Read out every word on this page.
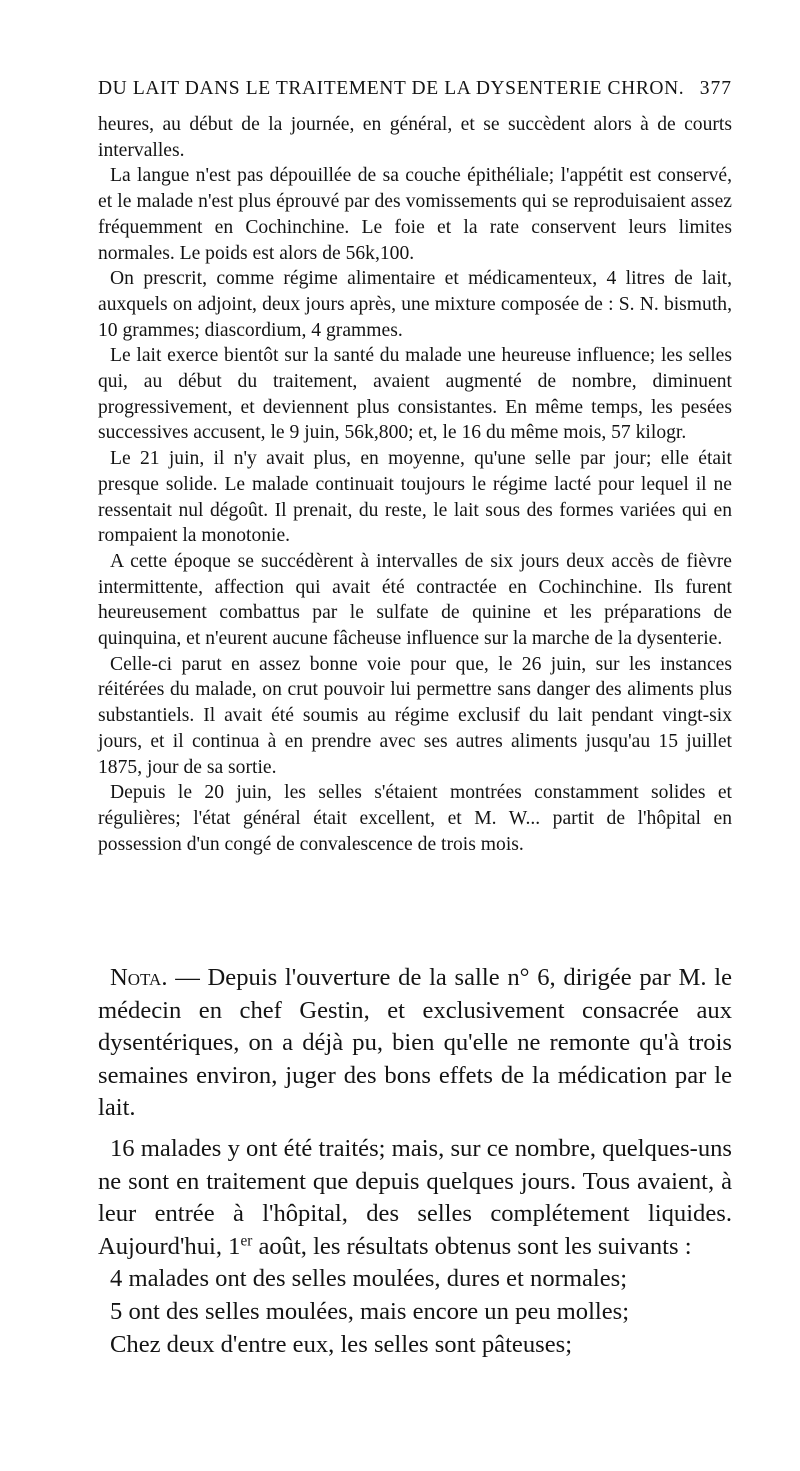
DU LAIT DANS LE TRAITEMENT DE LA DYSENTERIE CHRON. 377

heures, au début de la journée, en général, et se succèdent alors à de courts intervalles.

La langue n'est pas dépouillée de sa couche épithéliale; l'appétit est conservé, et le malade n'est plus éprouvé par des vomissements qui se reproduisaient assez fréquemment en Cochinchine. Le foie et la rate conservent leurs limites normales. Le poids est alors de 56k,100.

On prescrit, comme régime alimentaire et médicamenteux, 4 litres de lait, auxquels on adjoint, deux jours après, une mixture composée de : S. N. bismuth, 10 grammes; diascordium, 4 grammes.

Le lait exerce bientôt sur la santé du malade une heureuse influence; les selles qui, au début du traitement, avaient augmenté de nombre, diminuent progressivement, et deviennent plus consistantes. En même temps, les pesées successives accusent, le 9 juin, 56k,800; et, le 16 du même mois, 57 kilogr.

Le 21 juin, il n'y avait plus, en moyenne, qu'une selle par jour; elle était presque solide. Le malade continuait toujours le régime lacté pour lequel il ne ressentait nul dégoût. Il prenait, du reste, le lait sous des formes variées qui en rompaient la monotonie.

A cette époque se succédèrent à intervalles de six jours deux accès de fièvre intermittente, affection qui avait été contractée en Cochinchine. Ils furent heureusement combattus par le sulfate de quinine et les préparations de quinquina, et n'eurent aucune fâcheuse influence sur la marche de la dysenterie.

Celle-ci parut en assez bonne voie pour que, le 26 juin, sur les instances réitérées du malade, on crut pouvoir lui permettre sans danger des aliments plus substantiels. Il avait été soumis au régime exclusif du lait pendant vingt-six jours, et il continua à en prendre avec ses autres aliments jusqu'au 15 juillet 1875, jour de sa sortie.

Depuis le 20 juin, les selles s'étaient montrées constamment solides et régulières; l'état général était excellent, et M. W... partit de l'hôpital en possession d'un congé de convalescence de trois mois.

Nota. — Depuis l'ouverture de la salle n° 6, dirigée par M. le médecin en chef Gestin, et exclusivement consacrée aux dysentériques, on a déjà pu, bien qu'elle ne remonte qu'à trois semaines environ, juger des bons effets de la médication par le lait.

16 malades y ont été traités; mais, sur ce nombre, quelques-uns ne sont en traitement que depuis quelques jours. Tous avaient, à leur entrée à l'hôpital, des selles complétement liquides. Aujourd'hui, 1er août, les résultats obtenus sont les suivants :

4 malades ont des selles moulées, dures et normales;

5 ont des selles moulées, mais encore un peu molles;

Chez deux d'entre eux, les selles sont pâteuses;
